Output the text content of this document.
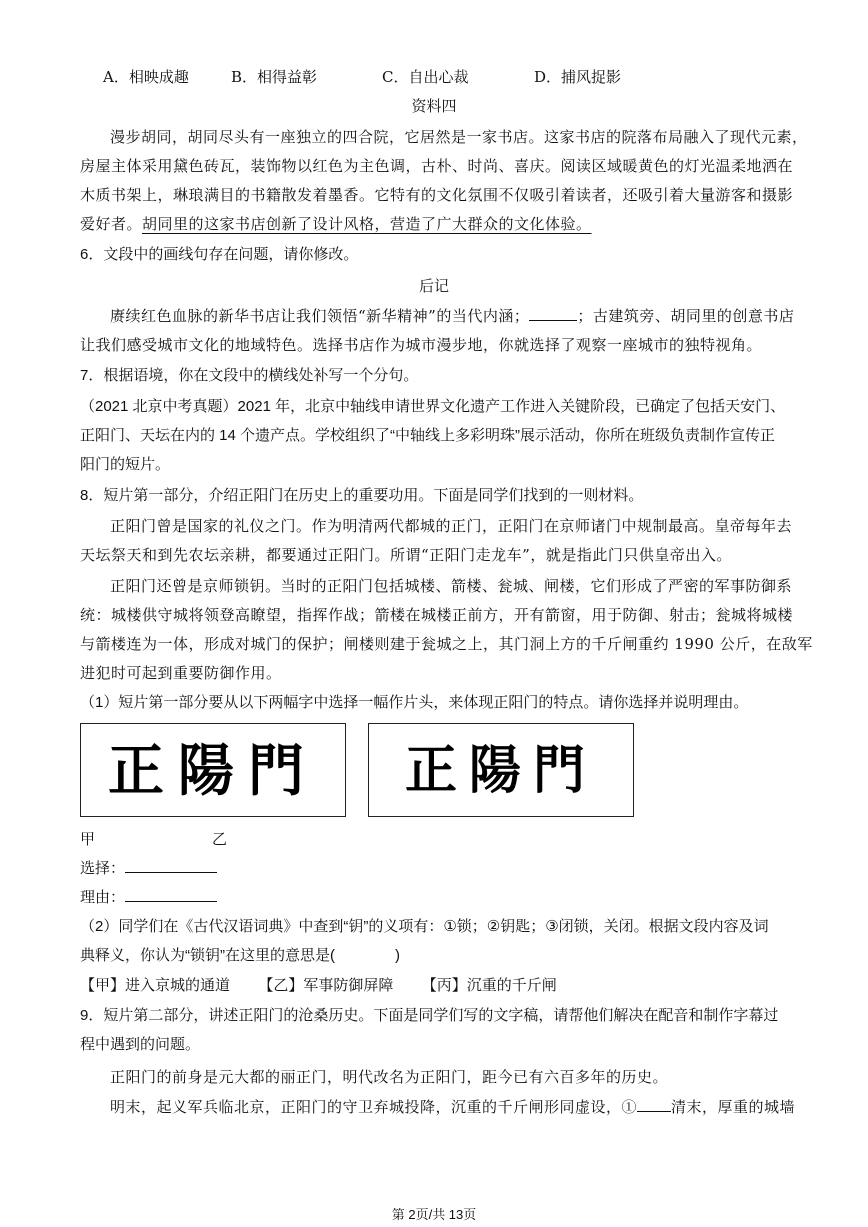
A．相映成趣	B．相得益彰	C．自出心裁	D．捕风捉影
资料四
漫步胡同，胡同尽头有一座独立的四合院，它居然是一家书店。这家书店的院落布局融入了现代元素，
房屋主体采用黛色砖瓦，装饰物以红色为主色调，古朴、时尚、喜庆。阅读区域暖黄色的灯光温柔地洒在
木质书架上，琳琅满目的书籍散发着墨香。它特有的文化氛围不仅吸引着读者，还吸引着大量游客和摄影
爱好者。胡同里的这家书店创新了设计风格，营造了广大群众的文化体验。
6．文段中的画线句存在问题，请你修改。
后记
赓续红色血脉的新华书店让我们领悟“新华精神”的当代内涵；	；古建筑旁、胡同里的创意书店
让我们感受城市文化的地域特色。选择书店作为城市漫步地，你就选择了观察一座城市的独特视角。
7．根据语境，你在文段中的横线处补写一个分句。
（2021 北京中考真题）2021 年，北京中轴线申请世界文化遗产工作进入关键阶段，已确定了包括天安门、
正阳门、天坛在内的 14 个遗产点。学校组织了“中轴线上多彩明珠”展示活动，你所在班级负责制作宣传正
阳门的短片。
8．短片第一部分，介绍正阳门在历史上的重要功用。下面是同学们找到的一则材料。
正阳门曾是国家的礼仪之门。作为明清两代都城的正门，正阳门在京师诸门中规制最高。皇帝每年去
天坛祭天和到先农坛亲耕，都要通过正阳门。所谓“正阳门走龙车”，就是指此门只供皇帝出入。
正阳门还曾是京师锁钥。当时的正阳门包括城楼、箭楼、瓮城、闸楼，它们形成了严密的军事防御系
统：城楼供守城将领登高瞭望，指挥作战；箭楼在城楼正前方，开有箭窗，用于防御、射击；瓮城将城楼
与箭楼连为一体，形成对城门的保护；闸楼则建于瓮城之上，其门洞上方的千斤闸重约 1990 公斤，在敌军
进犯时可起到重要防御作用。
（1）短片第一部分要从以下两幅字中选择一幅作片头，来体现正阳门的特点。请你选择并说明理由。
正陽門 正陽門
甲	乙
选择：
理由：
（2）同学们在《古代汉语词典》中查到“钥”的义项有：①锁；②钥匙；③闭锁，关闭。根据文段内容及词
典释义，你认为“锁钥”在这里的意思是(　　　　)
【甲】进入京城的通道 【乙】军事防御屏障 【丙】沉重的千斤闸
9．短片第二部分，讲述正阳门的沧桑历史。下面是同学们写的文字稿，请帮他们解决在配音和制作字幕过
程中遇到的问题。
正阳门的前身是元大都的丽正门，明代改名为正阳门，距今已有六百多年的历史。
明末，起义军兵临北京，正阳门的守卫弃城投降，沉重的千斤闸形同虚设，① 清末，厚重的城墙
第 2页/共 13页
